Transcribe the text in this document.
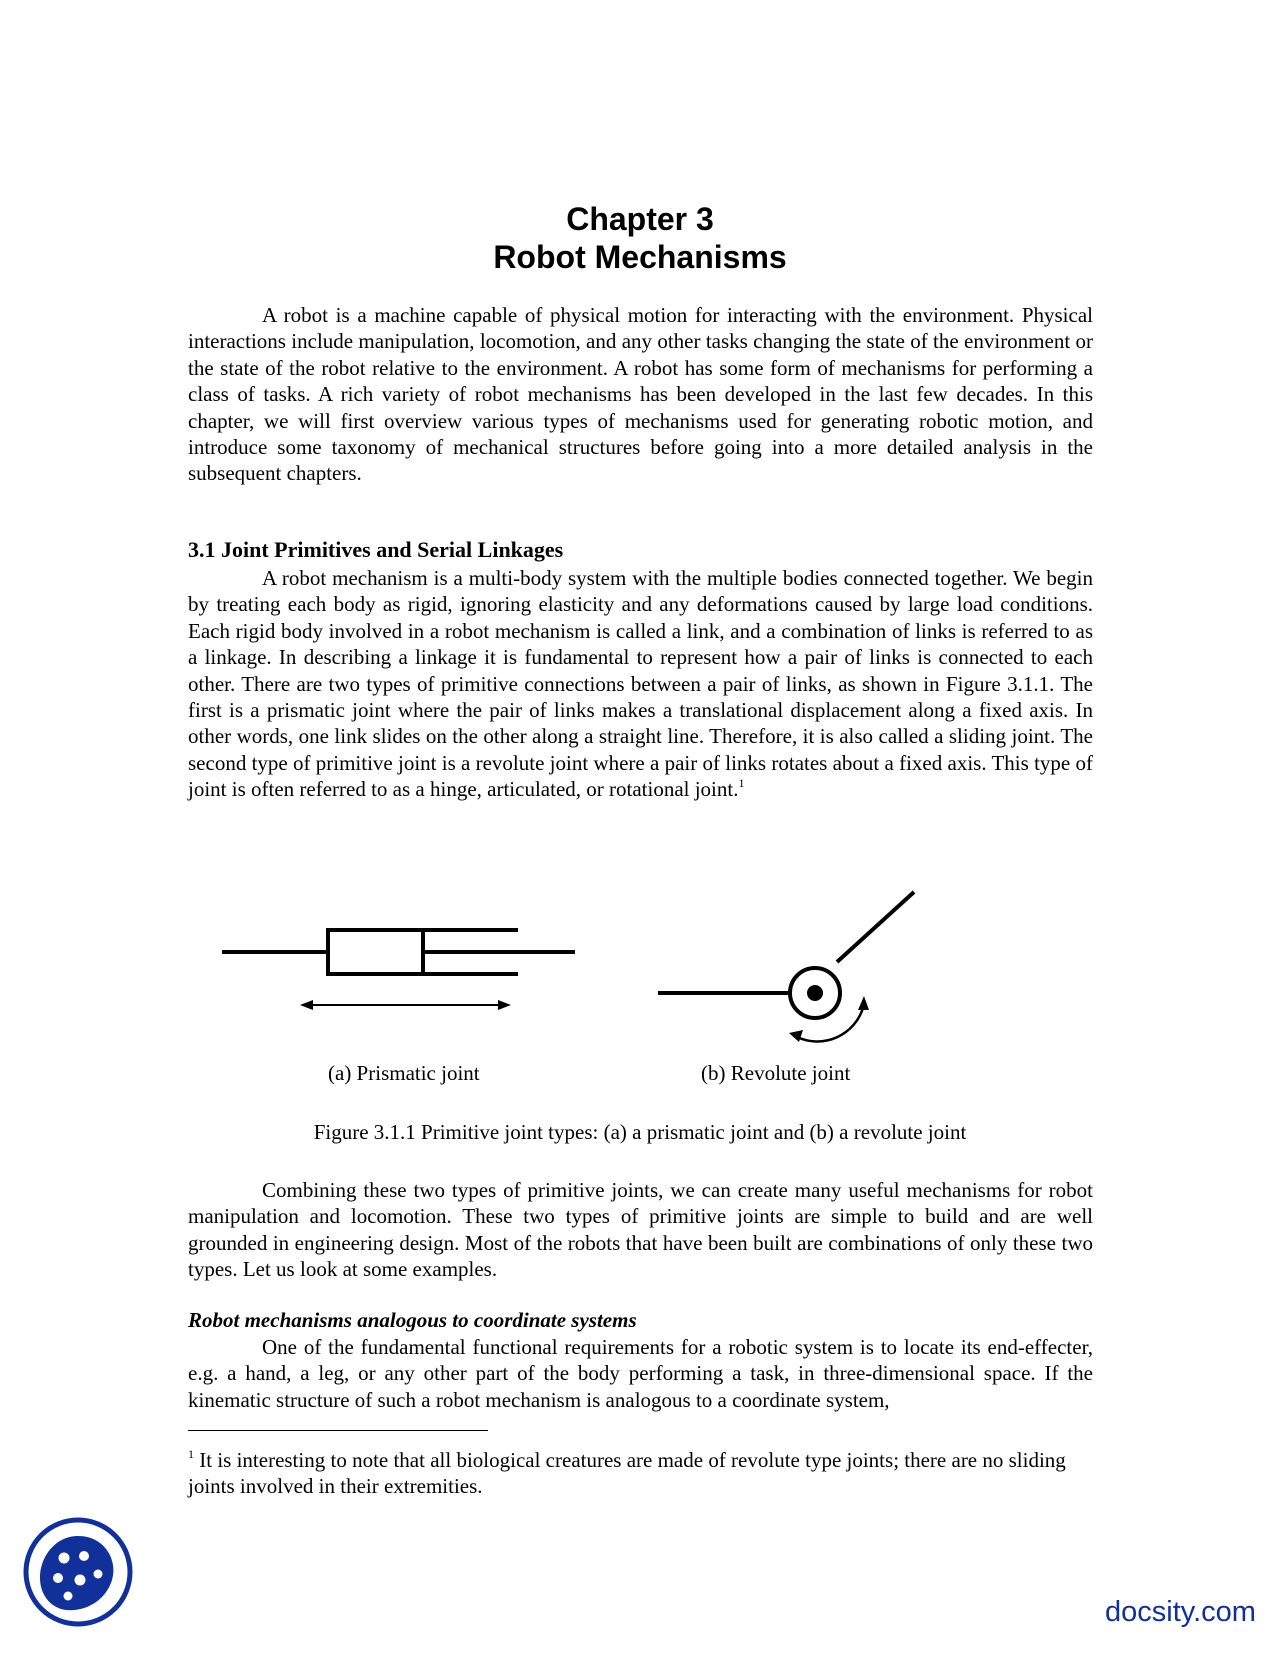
Chapter 3
Robot Mechanisms

A robot is a machine capable of physical motion for interacting with the environment. Physical interactions include manipulation, locomotion, and any other tasks changing the state of the environment or the state of the robot relative to the environment. A robot has some form of mechanisms for performing a class of tasks. A rich variety of robot mechanisms has been developed in the last few decades. In this chapter, we will first overview various types of mechanisms used for generating robotic motion, and introduce some taxonomy of mechanical structures before going into a more detailed analysis in the subsequent chapters.

3.1 Joint Primitives and Serial Linkages

A robot mechanism is a multi-body system with the multiple bodies connected together. We begin by treating each body as rigid, ignoring elasticity and any deformations caused by large load conditions. Each rigid body involved in a robot mechanism is called a link, and a combination of links is referred to as a linkage. In describing a linkage it is fundamental to represent how a pair of links is connected to each other. There are two types of primitive connections between a pair of links, as shown in Figure 3.1.1. The first is a prismatic joint where the pair of links makes a translational displacement along a fixed axis. In other words, one link slides on the other along a straight line. Therefore, it is also called a sliding joint. The second type of primitive joint is a revolute joint where a pair of links rotates about a fixed axis. This type of joint is often referred to as a hinge, articulated, or rotational joint.$^1$

(a) Prismatic joint	(b) Revolute joint
Figure 3.1.1 Primitive joint types: (a) a prismatic joint and (b) a revolute joint

Combining these two types of primitive joints, we can create many useful mechanisms for robot manipulation and locomotion. These two types of primitive joints are simple to build and are well grounded in engineering design. Most of the robots that have been built are combinations of only these two types. Let us look at some examples.

Robot mechanisms analogous to coordinate systems

One of the fundamental functional requirements for a robotic system is to locate its end-effecter, e.g. a hand, a leg, or any other part of the body performing a task, in three-dimensional space. If the kinematic structure of such a robot mechanism is analogous to a coordinate system,

$^1$ It is interesting to note that all biological creatures are made of revolute type joints; there are no sliding joints involved in their extremities.
docsity.com
